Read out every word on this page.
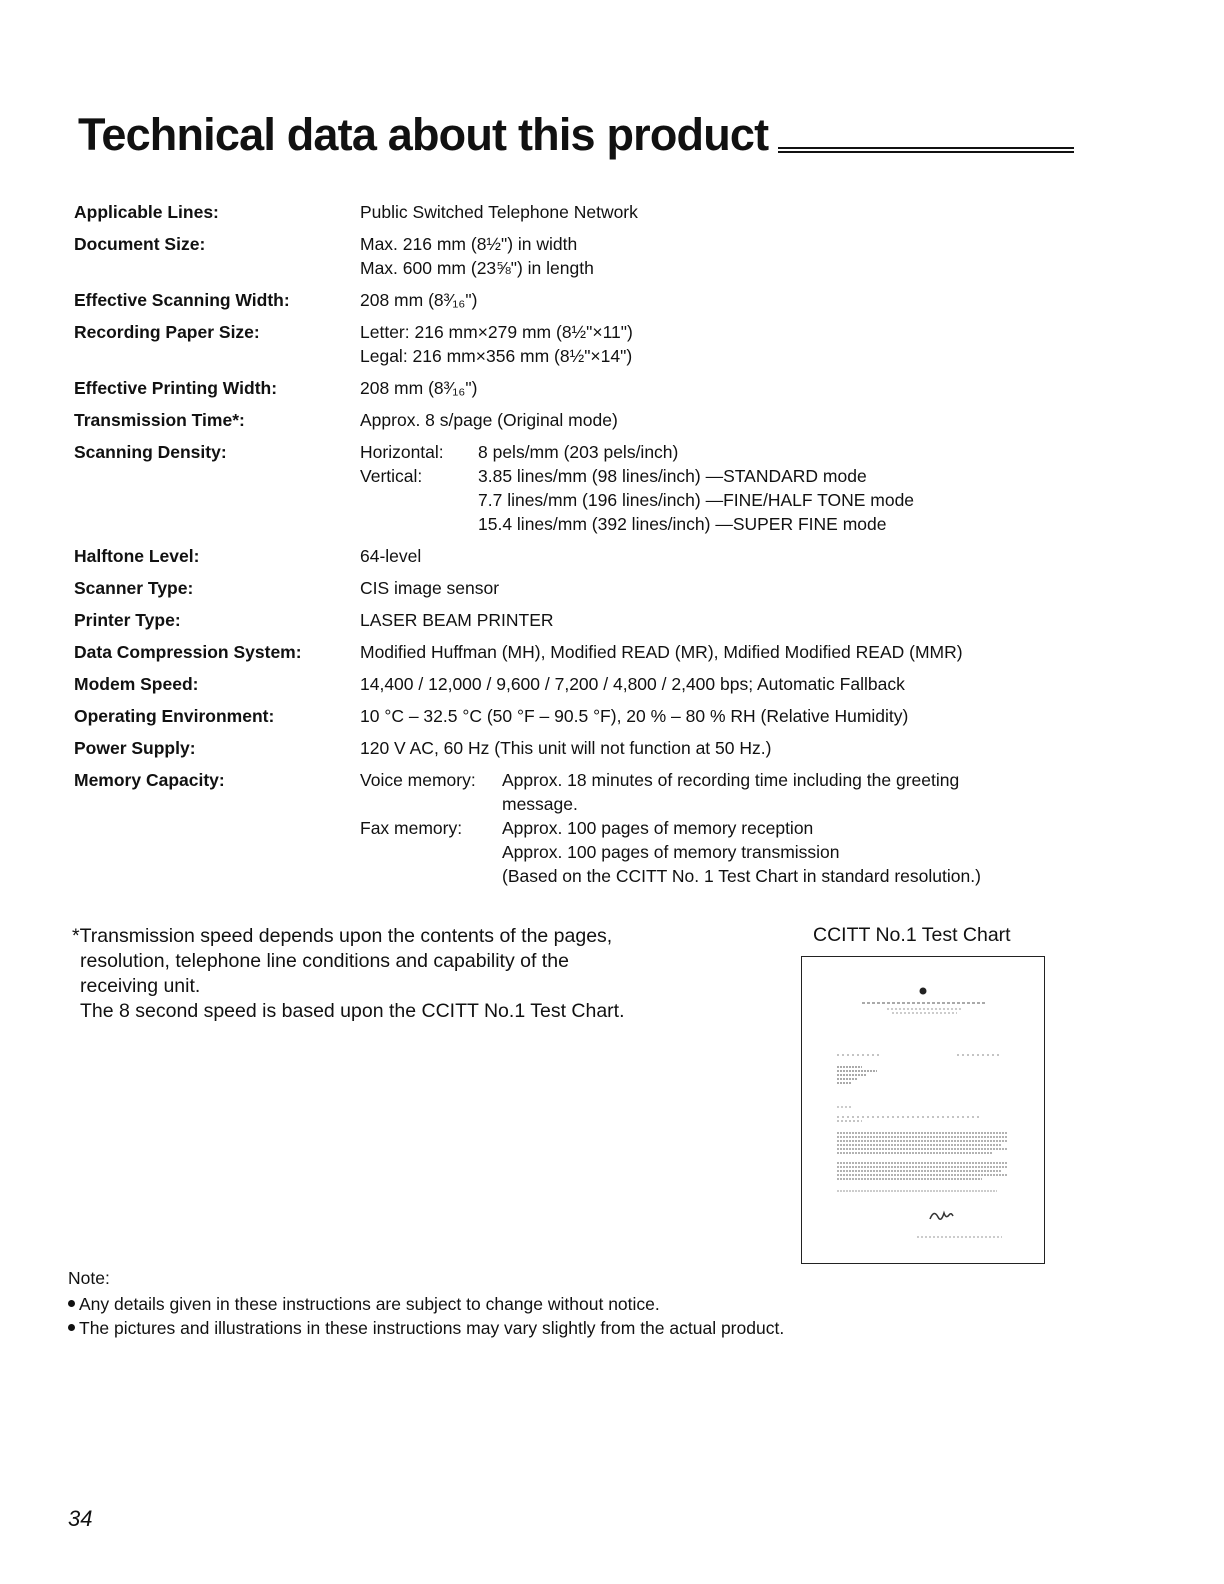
Technical data about this product
Applicable Lines:	Public Switched Telephone Network
Document Size:	Max. 216 mm (8½") in width
Max. 600 mm (23⅝") in length
Effective Scanning Width:	208 mm (8³⁄₁₆")
Recording Paper Size:	Letter: 216 mm×279 mm (8½"×11")
Legal: 216 mm×356 mm (8½"×14")
Effective Printing Width:	208 mm (8³⁄₁₆")
Transmission Time*:	Approx. 8 s/page (Original mode)
Scanning Density:	Horizontal:	8 pels/mm (203 pels/inch)
Vertical:	3.85 lines/mm (98 lines/inch) —STANDARD mode
7.7 lines/mm (196 lines/inch) —FINE/HALF TONE mode
15.4 lines/mm (392 lines/inch) —SUPER FINE mode
Halftone Level:	64-level
Scanner Type:	CIS image sensor
Printer Type:	LASER BEAM PRINTER
Data Compression System:	Modified Huffman (MH), Modified READ (MR), Mdified Modified READ (MMR)
Modem Speed:	14,400 / 12,000 / 9,600 / 7,200 / 4,800 / 2,400 bps; Automatic Fallback
Operating Environment:	10 °C – 32.5 °C (50 °F – 90.5 °F), 20 % – 80 % RH (Relative Humidity)
Power Supply:	120 V AC, 60 Hz (This unit will not function at 50 Hz.)
Memory Capacity:	Voice memory:	Approx. 18 minutes of recording time including the greeting
message.
Fax memory:	Approx. 100 pages of memory reception
Approx. 100 pages of memory transmission
(Based on the CCITT No. 1 Test Chart in standard resolution.)
*Transmission speed depends upon the contents of the pages,
resolution, telephone line conditions and capability of the
receiving unit.
The 8 second speed is based upon the CCITT No.1 Test Chart.
CCITT No.1 Test Chart
Note:
Any details given in these instructions are subject to change without notice.
The pictures and illustrations in these instructions may vary slightly from the actual product.
34
